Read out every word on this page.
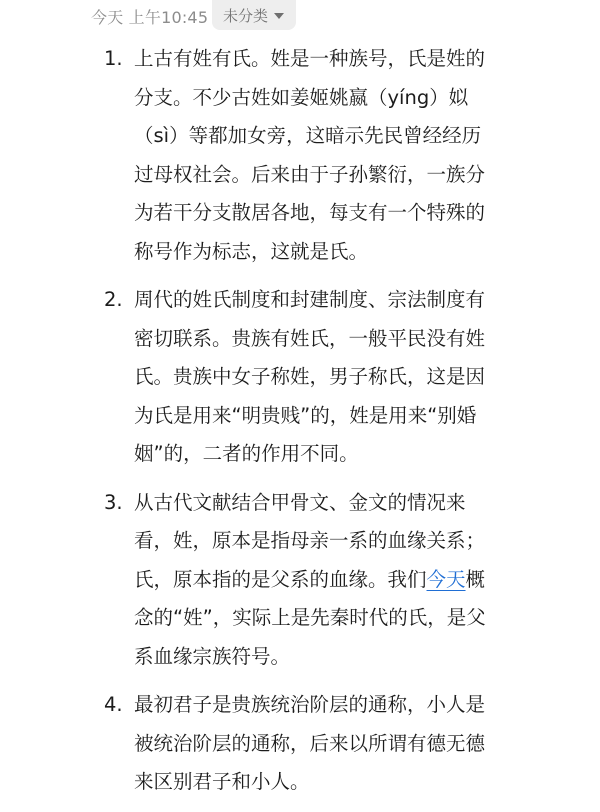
今天 上午10:45 未分类
1. 上古有姓有氏。姓是一种族号，氏是姓的分支。不少古姓如姜姬姚嬴（yíng）姒（sì）等都加女旁，这暗示先民曾经经历过母权社会。后来由于子孙繁衍，一族分为若干分支散居各地，每支有一个特殊的称号作为标志，这就是氏。
2. 周代的姓氏制度和封建制度、宗法制度有密切联系。贵族有姓氏，一般平民没有姓氏。贵族中女子称姓，男子称氏，这是因为氏是用来“明贵贱”的，姓是用来“别婚姻”的，二者的作用不同。
3. 从古代文献结合甲骨文、金文的情况来看，姓，原本是指母亲一系的血缘关系；氏，原本指的是父系的血缘。我们今天概念的“姓”，实际上是先秦时代的氏，是父系血缘宗族符号。
4. 最初君子是贵族统治阶层的通称，小人是被统治阶层的通称，后来以所谓有德无德来区别君子和小人。
